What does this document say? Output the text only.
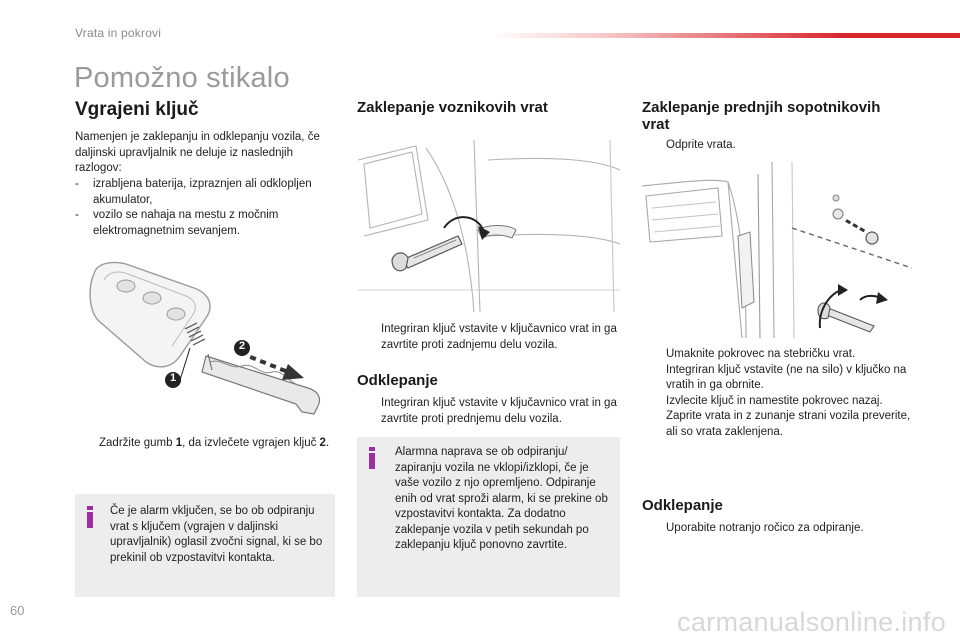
Vrata in pokrovi
Pomožno stikalo
Vgrajeni ključ

Namenjen je zaklepanju in odklepanju vozila, če daljinski upravljalnik ne deluje iz naslednjih razlogov:

- izrabljena baterija, izpraznjen ali odklopljen akumulator,
- vozilo se nahaja na mestu z močnim elektromagnetnim sevanjem.
1
2
Zadržite gumb 1, da izvlečete vgrajen ključ 2.

Če je alarm vključen, se bo ob odpiranju vrat s ključem (vgrajen v daljinski upravljalnik) oglasil zvočni signal, ki se bo prekinil ob vzpostavitvi kontakta.

Zaklepanje voznikovih vrat
Integriran ključ vstavite v ključavnico vrat in ga zavrtite proti zadnjemu delu vozila.
Odklepanje
Integriran ključ vstavite v ključavnico vrat in ga zavrtite proti prednjemu delu vozila.

Alarmna naprava se ob odpiranju/ zapiranju vozila ne vklopi/izklopi, če je vaše vozilo z njo opremljeno. Odpiranje enih od vrat sproži alarm, ki se prekine ob vzpostavitvi kontakta. Za dodatno zaklepanje vozila v petih sekundah po zaklepanju ključ ponovno zavrtite.

Zaklepanje prednjih sopotnikovih vrat
Odprite vrata.
Umaknite pokrovec na stebričku vrat.
Integriran ključ vstavite (ne na silo) v ključko na vratih in ga obrnite.
Izvlecite ključ in namestite pokrovec nazaj.
Zaprite vrata in z zunanje strani vozila preverite, ali so vrata zaklenjena.
Odklepanje
Uporabite notranjo ročico za odpiranje.
60	carmanualsonline.info
